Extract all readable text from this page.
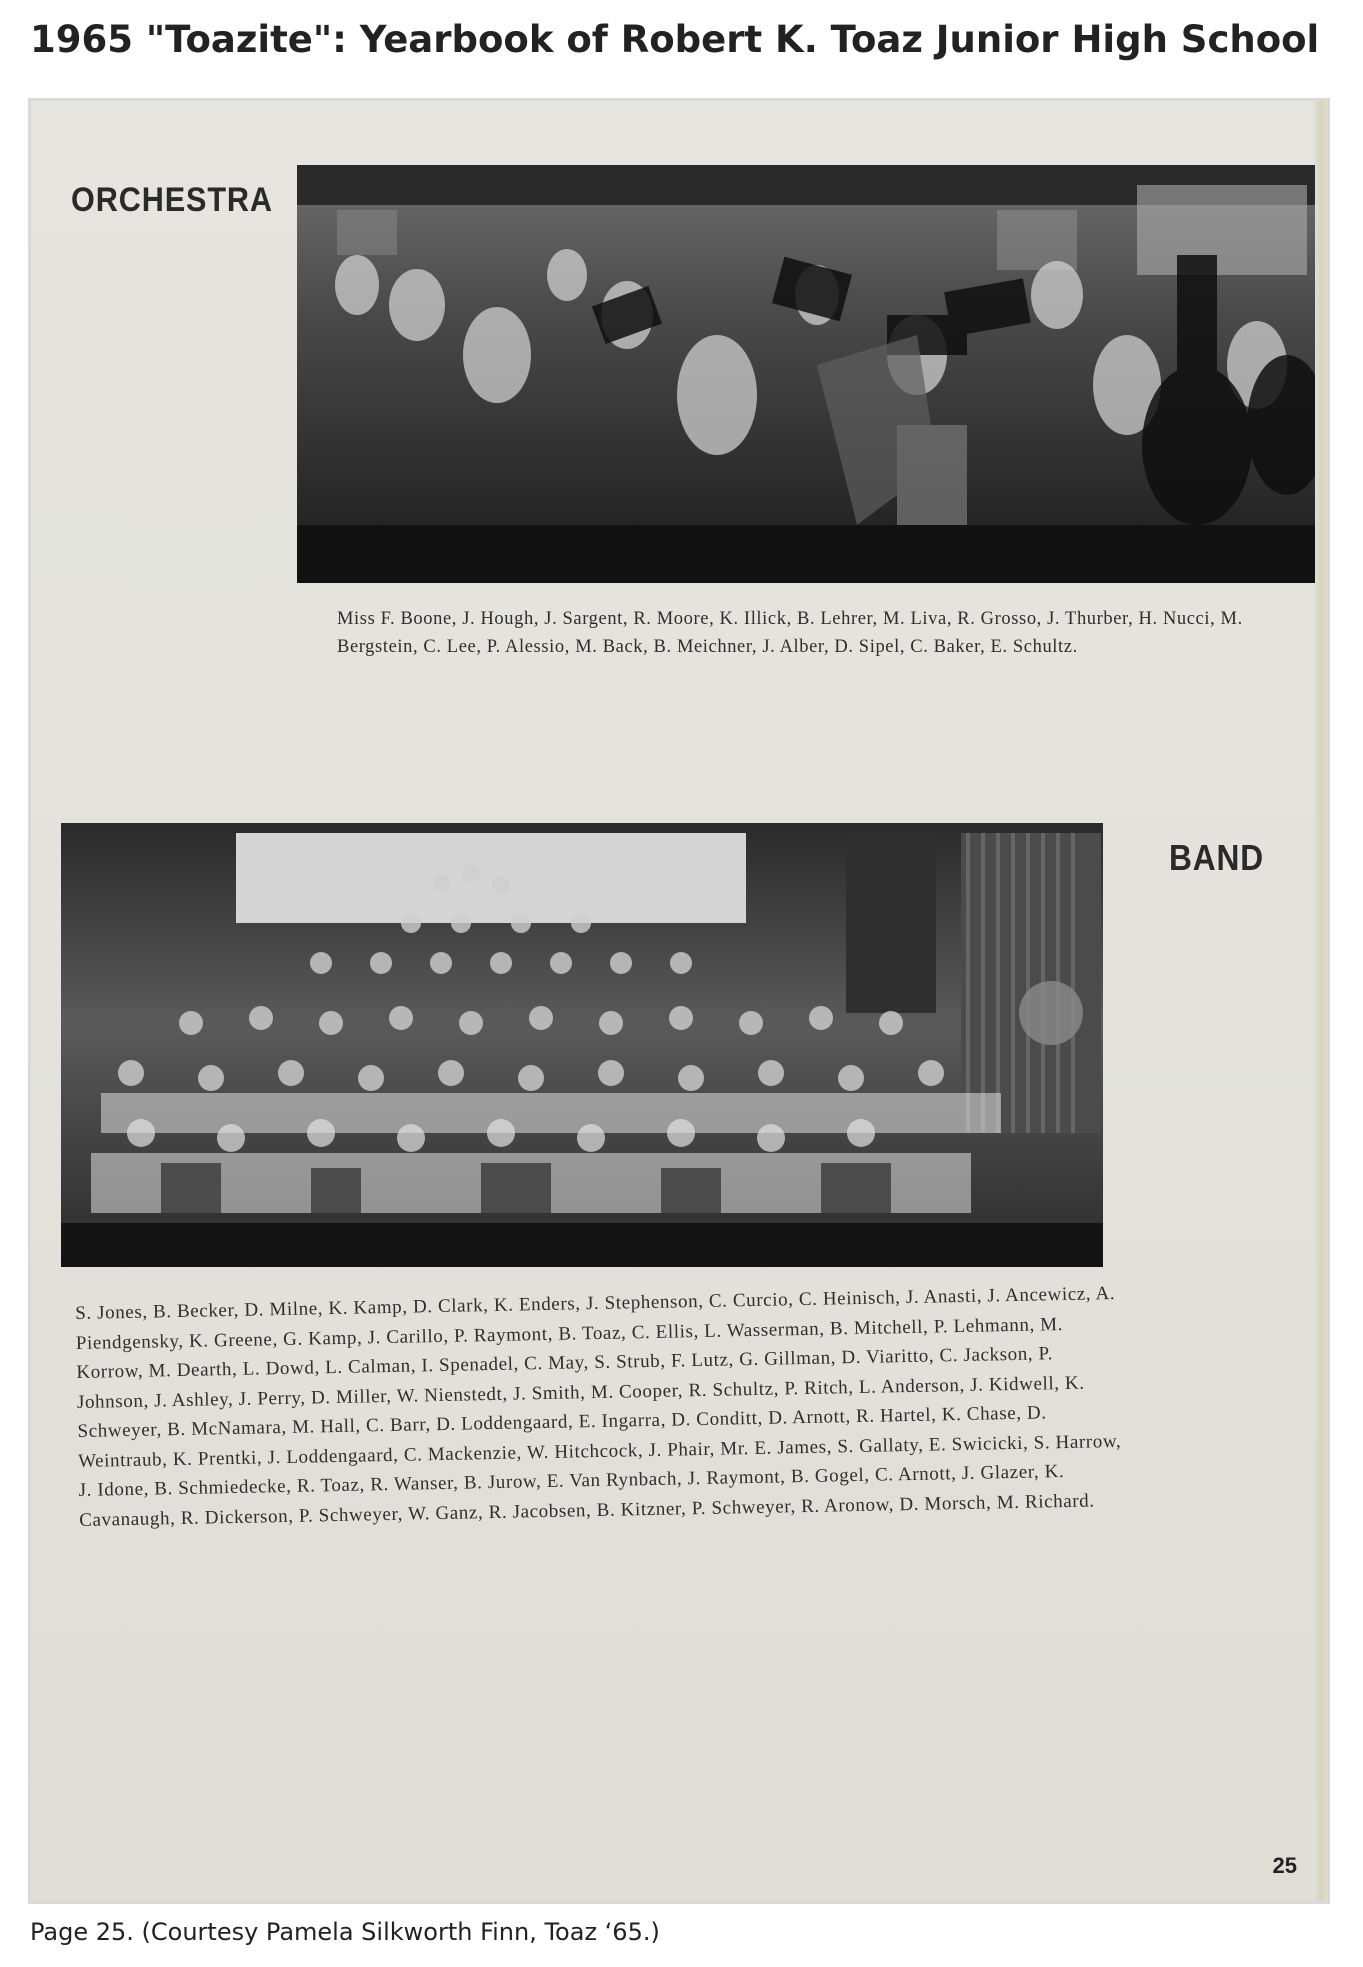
1965 "Toazite": Yearbook of Robert K. Toaz Junior High School
ORCHESTRA
Miss F. Boone, J. Hough, J. Sargent, R. Moore, K. Illick, B. Lehrer, M. Liva, R. Grosso, J. Thurber, H. Nucci, M. Bergstein, C. Lee, P. Alessio, M. Back, B. Meichner, J. Alber, D. Sipel, C. Baker, E. Schultz.
BAND
S. Jones, B. Becker, D. Milne, K. Kamp, D. Clark, K. Enders, J. Stephenson, C. Curcio, C. Heinisch, J. Anasti, J. Ancewicz, A. Piendgensky, K. Greene, G. Kamp, J. Carillo, P. Raymont, B. Toaz, C. Ellis, L. Wasserman, B. Mitchell, P. Lehmann, M. Korrow, M. Dearth, L. Dowd, L. Calman, I. Spenadel, C. May, S. Strub, F. Lutz, G. Gillman, D. Viaritto, C. Jackson, P. Johnson, J. Ashley, J. Perry, D. Miller, W. Nienstedt, J. Smith, M. Cooper, R. Schultz, P. Ritch, L. Anderson, J. Kidwell, K. Schweyer, B. McNamara, M. Hall, C. Barr, D. Loddengaard, E. Ingarra, D. Conditt, D. Arnott, R. Hartel, K. Chase, D. Weintraub, K. Prentki, J. Loddengaard, C. Mackenzie, W. Hitchcock, J. Phair, Mr. E. James, S. Gallaty, E. Swicicki, S. Harrow, J. Idone, B. Schmiedecke, R. Toaz, R. Wanser, B. Jurow, E. Van Rynbach, J. Raymont, B. Gogel, C. Arnott, J. Glazer, K. Cavanaugh, R. Dickerson, P. Schweyer, W. Ganz, R. Jacobsen, B. Kitzner, P. Schweyer, R. Aronow, D. Morsch, M. Richard.
25
Page 25. (Courtesy Pamela Silkworth Finn, Toaz ‘65.)
